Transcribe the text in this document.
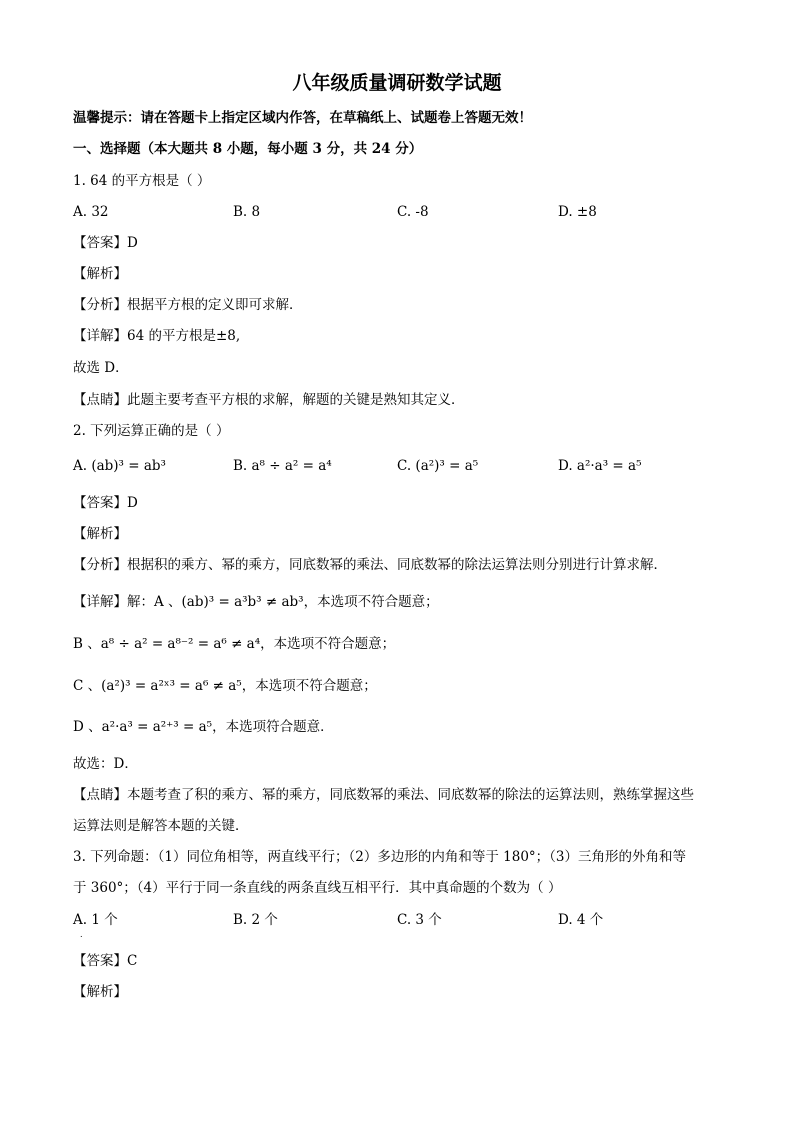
八年级质量调研数学试题
温馨提示：请在答题卡上指定区域内作答，在草稿纸上、试题卷上答题无效！
一、选择题（本大题共 8 小题，每小题 3 分，共 24 分）
1. 64 的平方根是（ ）
A. 32	B. 8	C. -8	D. ±8
【答案】D
【解析】
【分析】根据平方根的定义即可求解．
【详解】64 的平方根是±8,
故选 D．
【点睛】此题主要考查平方根的求解，解题的关键是熟知其定义．
2. 下列运算正确的是（ ）
A. (ab)³ = ab³	B. a⁸ ÷ a² = a⁴	C. (a²)³ = a⁵	D. a²·a³ = a⁵
【答案】D
【解析】
【分析】根据积的乘方、幂的乘方，同底数幂的乘法、同底数幂的除法运算法则分别进行计算求解．
【详解】解：A 、(ab)³ = a³b³ ≠ ab³，本选项不符合题意；
B 、a⁸ ÷ a² = a⁸⁻² = a⁶ ≠ a⁴，本选项不符合题意；
C 、(a²)³ = a²ˣ³ = a⁶ ≠ a⁵，本选项不符合题意；
D 、a²·a³ = a²⁺³ = a⁵，本选项符合题意．
故选：D．
【点睛】本题考查了积的乘方、幂的乘方，同底数幂的乘法、同底数幂的除法的运算法则，熟练掌握这些
运算法则是解答本题的关键．
3. 下列命题：（1）同位角相等，两直线平行；（2）多边形的内角和等于 180°；（3）三角形的外角和等
于 360°；（4）平行于同一条直线的两条直线互相平行．其中真命题的个数为（ ）
A. 1 个
.
B. 2 个	C. 3 个	D. 4 个
【答案】C
【解析】
